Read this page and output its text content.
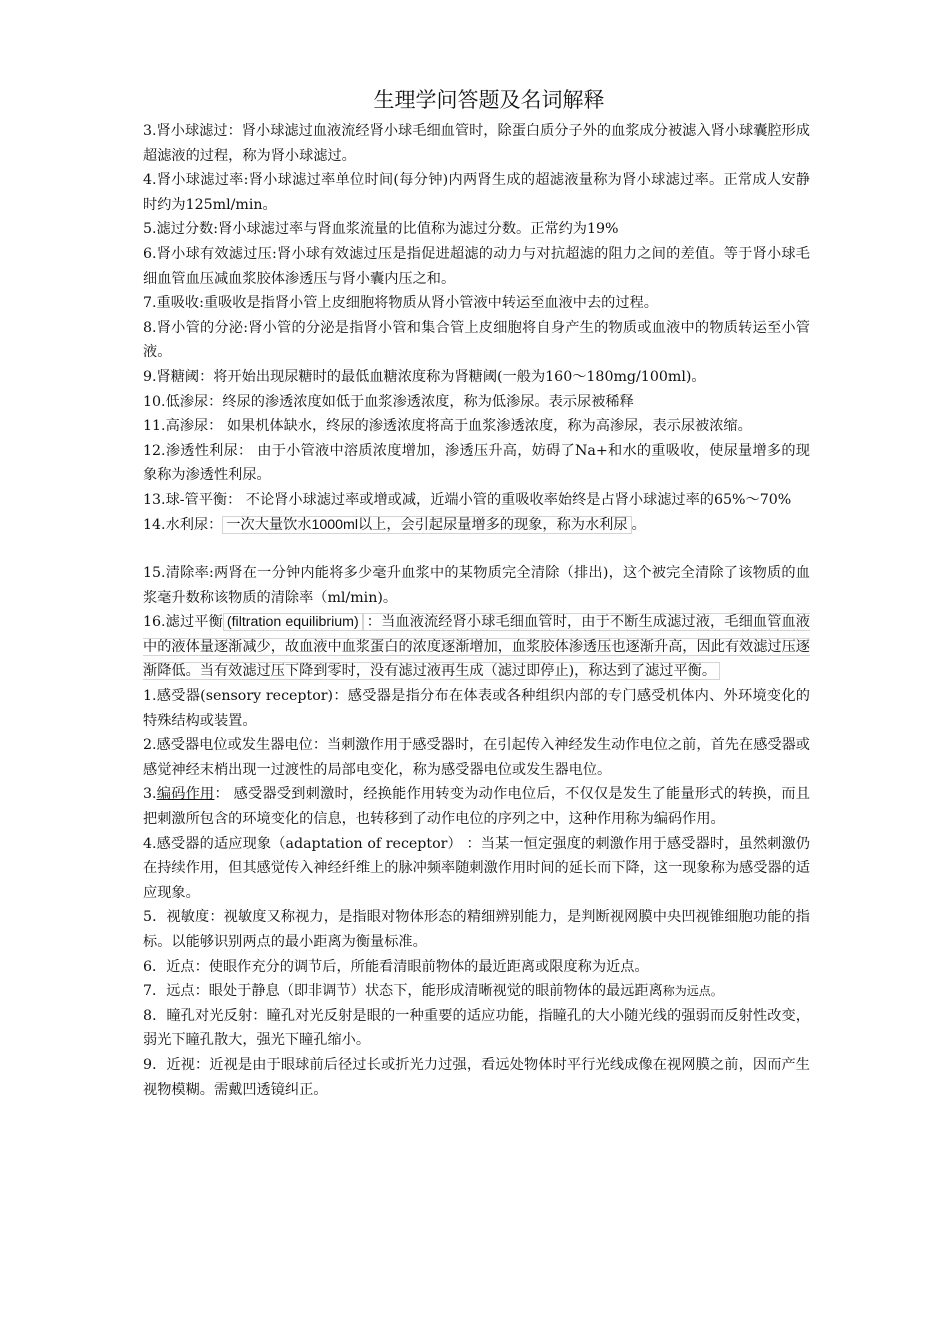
生理学问答题及名词解释

3.肾小球滤过：肾小球滤过血液流经肾小球毛细血管时，除蛋白质分子外的血浆成分被滤入肾小球囊腔形成超滤液的过程，称为肾小球滤过。

4.肾小球滤过率:肾小球滤过率单位时间(每分钟)内两肾生成的超滤液量称为肾小球滤过率。正常成人安静时约为125ml/min。

5.滤过分数:肾小球滤过率与肾血浆流量的比值称为滤过分数。正常约为19%

6.肾小球有效滤过压:肾小球有效滤过压是指促进超滤的动力与对抗超滤的阻力之间的差值。等于肾小球毛细血管血压减血浆胶体渗透压与肾小囊内压之和。

7.重吸收:重吸收是指肾小管上皮细胞将物质从肾小管液中转运至血液中去的过程。

8.肾小管的分泌:肾小管的分泌是指肾小管和集合管上皮细胞将自身产生的物质或血液中的物质转运至小管液。

9.肾糖阈：将开始出现尿糖时的最低血糖浓度称为肾糖阈(一般为160～180mg/100ml)。

10.低渗尿：终尿的渗透浓度如低于血浆渗透浓度，称为低渗尿。表示尿被稀释

11.高渗尿： 如果机体缺水，终尿的渗透浓度将高于血浆渗透浓度，称为高渗尿，表示尿被浓缩。

12.渗透性利尿： 由于小管液中溶质浓度增加，渗透压升高，妨碍了Na+和水的重吸收，使尿量增多的现象称为渗透性利尿。

13.球-管平衡： 不论肾小球滤过率或增或减，近端小管的重吸收率始终是占肾小球滤过率的65%～70%

14.水利尿： 一次大量饮水1000ml以上，会引起尿量增多的现象，称为水利尿 。

15.清除率:两肾在一分钟内能将多少毫升血浆中的某物质完全清除（排出)，这个被完全清除了该物质的血浆毫升数称该物质的清除率（ml/min)。

16.滤过平衡 (filtration equilibrium) ：当血液流经肾小球毛细血管时，由于不断生成滤过液，毛细血管血液中的液体量逐渐减少，故血液中血浆蛋白的浓度逐渐增加，血浆胶体渗透压也逐渐升高，因此有效滤过压逐渐降低。当有效滤过压下降到零时，没有滤过液再生成（滤过即停止)，称达到了滤过平衡。

1.感受器(sensory receptor)：感受器是指分布在体表或各种组织内部的专门感受机体内、外环境变化的特殊结构或装置。

2.感受器电位或发生器电位：当刺激作用于感受器时，在引起传入神经发生动作电位之前，首先在感受器或感觉神经末梢出现一过渡性的局部电变化，称为感受器电位或发生器电位。

3.编码作用： 感受器受到刺激时，经换能作用转变为动作电位后，不仅仅是发生了能量形式的转换，而且把刺激所包含的环境变化的信息，也转移到了动作电位的序列之中，这种作用称为编码作用。

4.感受器的适应现象（adaptation of receptor） ：当某一恒定强度的刺激作用于感受器时，虽然刺激仍在持续作用，但其感觉传入神经纤维上的脉冲频率随刺激作用时间的延长而下降，这一现象称为感受器的适应现象。

5．视敏度：视敏度又称视力，是指眼对物体形态的精细辨别能力，是判断视网膜中央凹视锥细胞功能的指标。以能够识别两点的最小距离为衡量标准。

6．近点：使眼作充分的调节后，所能看清眼前物体的最近距离或限度称为近点。

7．远点：眼处于静息（即非调节）状态下，能形成清晰视觉的眼前物体的最远距离称为远点。

8．瞳孔对光反射：瞳孔对光反射是眼的一种重要的适应功能，指瞳孔的大小随光线的强弱而反射性改变，弱光下瞳孔散大，强光下瞳孔缩小。

9．近视：近视是由于眼球前后径过长或折光力过强，看远处物体时平行光线成像在视网膜之前，因而产生视物模糊。需戴凹透镜纠正。
